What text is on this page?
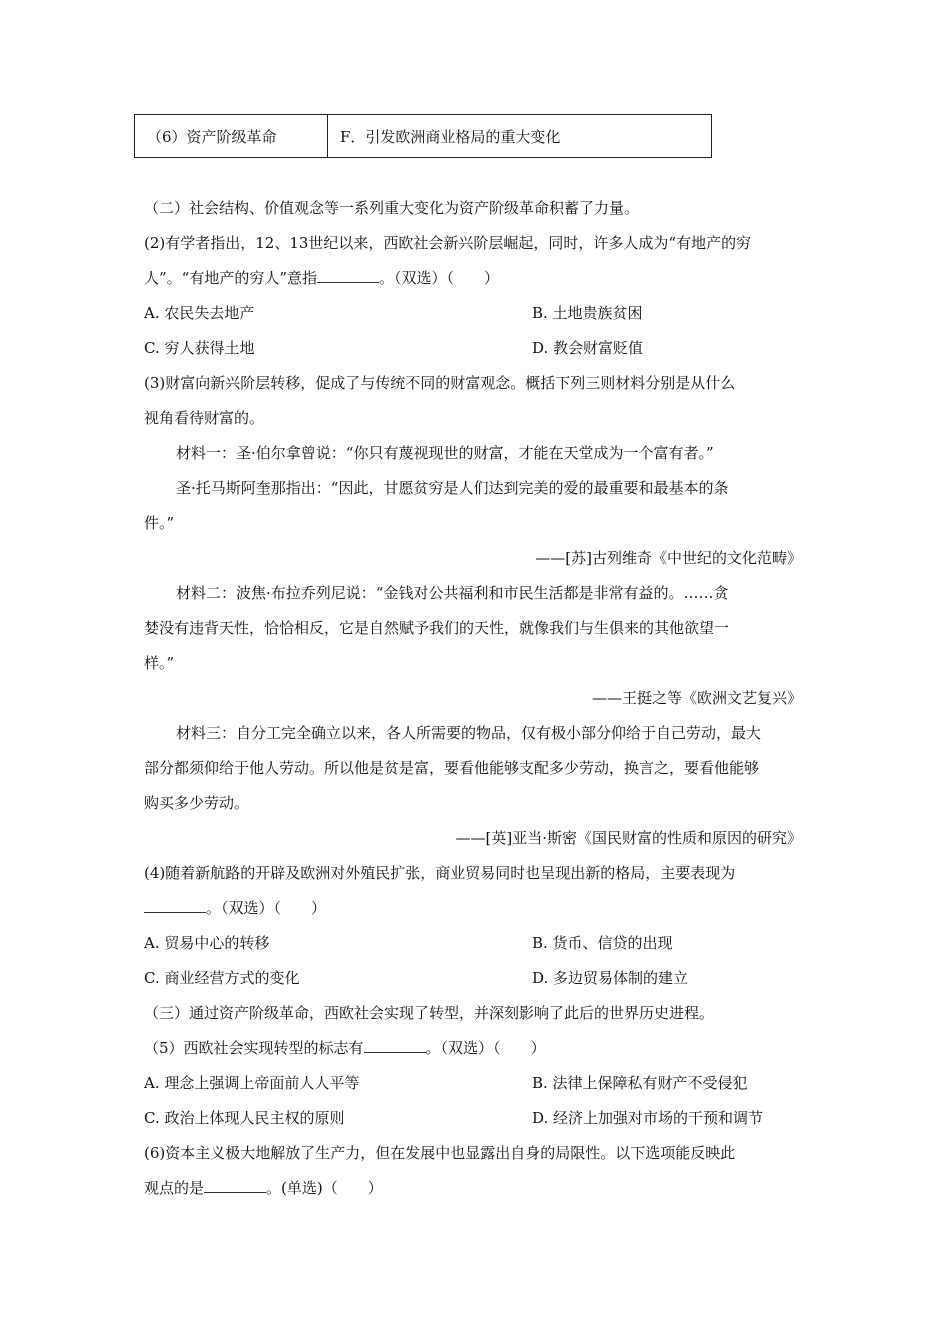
（6）资产阶级革命	F．引发欧洲商业格局的重大变化
（二）社会结构、价值观念等一系列重大变化为资产阶级革命积蓄了力量。
(2)有学者指出，12、13世纪以来，西欧社会新兴阶层崛起，同时，许多人成为“有地产的穷
人”。“有地产的穷人”意指	。（双选）（ ）
A. 农民失去地产	B. 土地贵族贫困
C. 穷人获得土地	D. 教会财富贬值
(3)财富向新兴阶层转移，促成了与传统不同的财富观念。概括下列三则材料分别是从什么
视角看待财富的。
材料一：圣·伯尔拿曾说：“你只有蔑视现世的财富，才能在天堂成为一个富有者。”
圣·托马斯阿奎那指出：“因此，甘愿贫穷是人们达到完美的爱的最重要和最基本的条
件。”
——[苏]古列维奇《中世纪的文化范畴》
材料二：波焦·布拉乔列尼说：“金钱对公共福利和市民生活都是非常有益的。……贪
婪没有违背天性，恰恰相反，它是自然赋予我们的天性，就像我们与生俱来的其他欲望一
样。”
——王挺之等《欧洲文艺复兴》
材料三：自分工完全确立以来，各人所需要的物品，仅有极小部分仰给于自己劳动，最大
部分都须仰给于他人劳动。所以他是贫是富，要看他能够支配多少劳动，换言之，要看他能够
购买多少劳动。
——[英]亚当·斯密《国民财富的性质和原因的研究》
(4)随着新航路的开辟及欧洲对外殖民扩张，商业贸易同时也呈现出新的格局，主要表现为
。（双选）（ ）
A. 贸易中心的转移	B. 货币、信贷的出现
C. 商业经营方式的变化	D. 多边贸易体制的建立
（三）通过资产阶级革命，西欧社会实现了转型，并深刻影响了此后的世界历史进程。
（5）西欧社会实现转型的标志有	。（双选）（ ）
A. 理念上强调上帝面前人人平等	B. 法律上保障私有财产不受侵犯
C. 政治上体现人民主权的原则	D. 经济上加强对市场的干预和调节
(6)资本主义极大地解放了生产力，但在发展中也显露出自身的局限性。以下选项能反映此
观点的是	。(单选)（ ）
